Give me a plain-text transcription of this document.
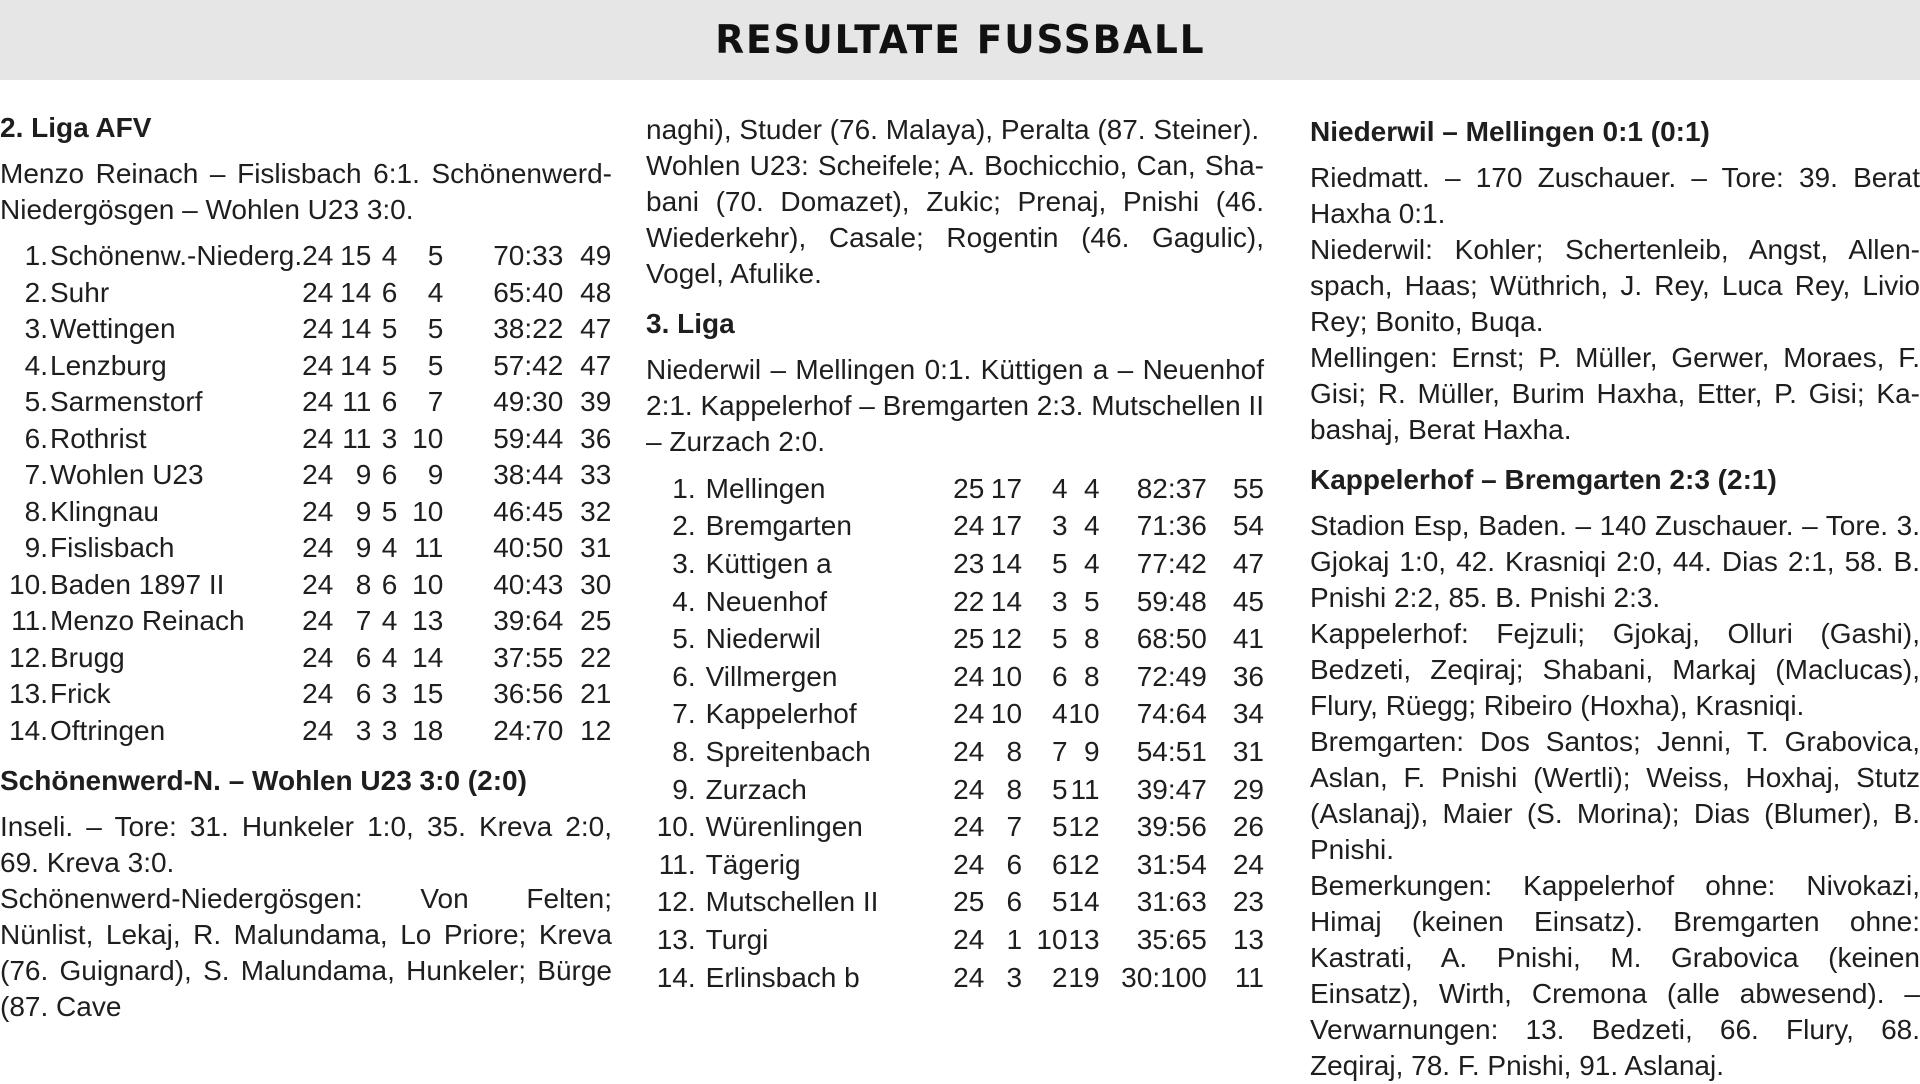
RESULTATE FUSSBALL

2. Liga AFV

Menzo Reinach – Fislisbach 6:1. Schönenwerd-Niedergösgen – Wohlen U23 3:0.

1.	Schönenw.-Niederg.	24	15	4	5	70:33	49
2.	Suhr	24	14	6	4	65:40	48
3.	Wettingen	24	14	5	5	38:22	47
4.	Lenzburg	24	14	5	5	57:42	47
5.	Sarmenstorf	24	11	6	7	49:30	39
6.	Rothrist	24	11	3	10	59:44	36
7.	Wohlen U23	24	9	6	9	38:44	33
8.	Klingnau	24	9	5	10	46:45	32
9.	Fislisbach	24	9	4	11	40:50	31
10.	Baden 1897 II	24	8	6	10	40:43	30
11.	Menzo Reinach	24	7	4	13	39:64	25
12.	Brugg	24	6	4	14	37:55	22
13.	Frick	24	6	3	15	36:56	21
14.	Oftringen	24	3	3	18	24:70	12

Schönenwerd-N. – Wohlen U23 3:0 (2:0)

Inseli. – Tore: 31. Hunkeler 1:0, 35. Kreva 2:0, 69. Kreva 3:0.

Schönenwerd-Niedergösgen: Von Felten; Nünlist, Lekaj, R. Malundama, Lo Priore; Kreva (76. Guignard), S. Malundama, Hunkeler; Bürge (87. Cave

naghi), Studer (76. Malaya), Peralta (87. Steiner).

Wohlen U23: Scheifele; A. Bochicchio, Can, Shabani (70. Domazet), Zukic; Prenaj, Pnishi (46. Wiederkehr), Casale; Rogentin (46. Gagulic), Vogel, Afulike.

3. Liga

Niederwil – Mellingen 0:1. Küttigen a – Neuenhof 2:1. Kappelerhof – Bremgarten 2:3. Mutschellen II – Zurzach 2:0.

1.	Mellingen	25	17	4	4	82:37	55
2.	Bremgarten	24	17	3	4	71:36	54
3.	Küttigen a	23	14	5	4	77:42	47
4.	Neuenhof	22	14	3	5	59:48	45
5.	Niederwil	25	12	5	8	68:50	41
6.	Villmergen	24	10	6	8	72:49	36
7.	Kappelerhof	24	10	4	10	74:64	34
8.	Spreitenbach	24	8	7	9	54:51	31
9.	Zurzach	24	8	5	11	39:47	29
10.	Würenlingen	24	7	5	12	39:56	26
11.	Tägerig	24	6	6	12	31:54	24
12.	Mutschellen II	25	6	5	14	31:63	23
13.	Turgi	24	1	10	13	35:65	13
14.	Erlinsbach b	24	3	2	19	30:100	11

Niederwil – Mellingen 0:1 (0:1)

Riedmatt. – 170 Zuschauer. – Tore: 39. Berat Haxha 0:1.

Niederwil: Kohler; Schertenleib, Angst, Allenspach, Haas; Wüthrich, J. Rey, Luca Rey, Livio Rey; Bonito, Buqa.

Mellingen: Ernst; P. Müller, Gerwer, Moraes, F. Gisi; R. Müller, Burim Haxha, Etter, P. Gisi; Kabashaj, Berat Haxha.

Kappelerhof – Bremgarten 2:3 (2:1)

Stadion Esp, Baden. – 140 Zuschauer. – Tore. 3. Gjokaj 1:0, 42. Krasniqi 2:0, 44. Dias 2:1, 58. B. Pnishi 2:2, 85. B. Pnishi 2:3.

Kappelerhof: Fejzuli; Gjokaj, Olluri (Gashi), Bedzeti, Zeqiraj; Shabani, Markaj (Maclucas), Flury, Rüegg; Ribeiro (Hoxha), Krasniqi.

Bremgarten: Dos Santos; Jenni, T. Grabovica, Aslan, F. Pnishi (Wertli); Weiss, Hoxhaj, Stutz (Aslanaj), Maier (S. Morina); Dias (Blumer), B. Pnishi.

Bemerkungen: Kappelerhof ohne: Nivokazi, Himaj (keinen Einsatz). Bremgarten ohne: Kastrati, A. Pnishi, M. Grabovica (keinen Einsatz), Wirth, Cremona (alle abwesend). – Verwarnungen: 13. Bedzeti, 66. Flury, 68. Zeqiraj, 78. F. Pnishi, 91. Aslanaj.
